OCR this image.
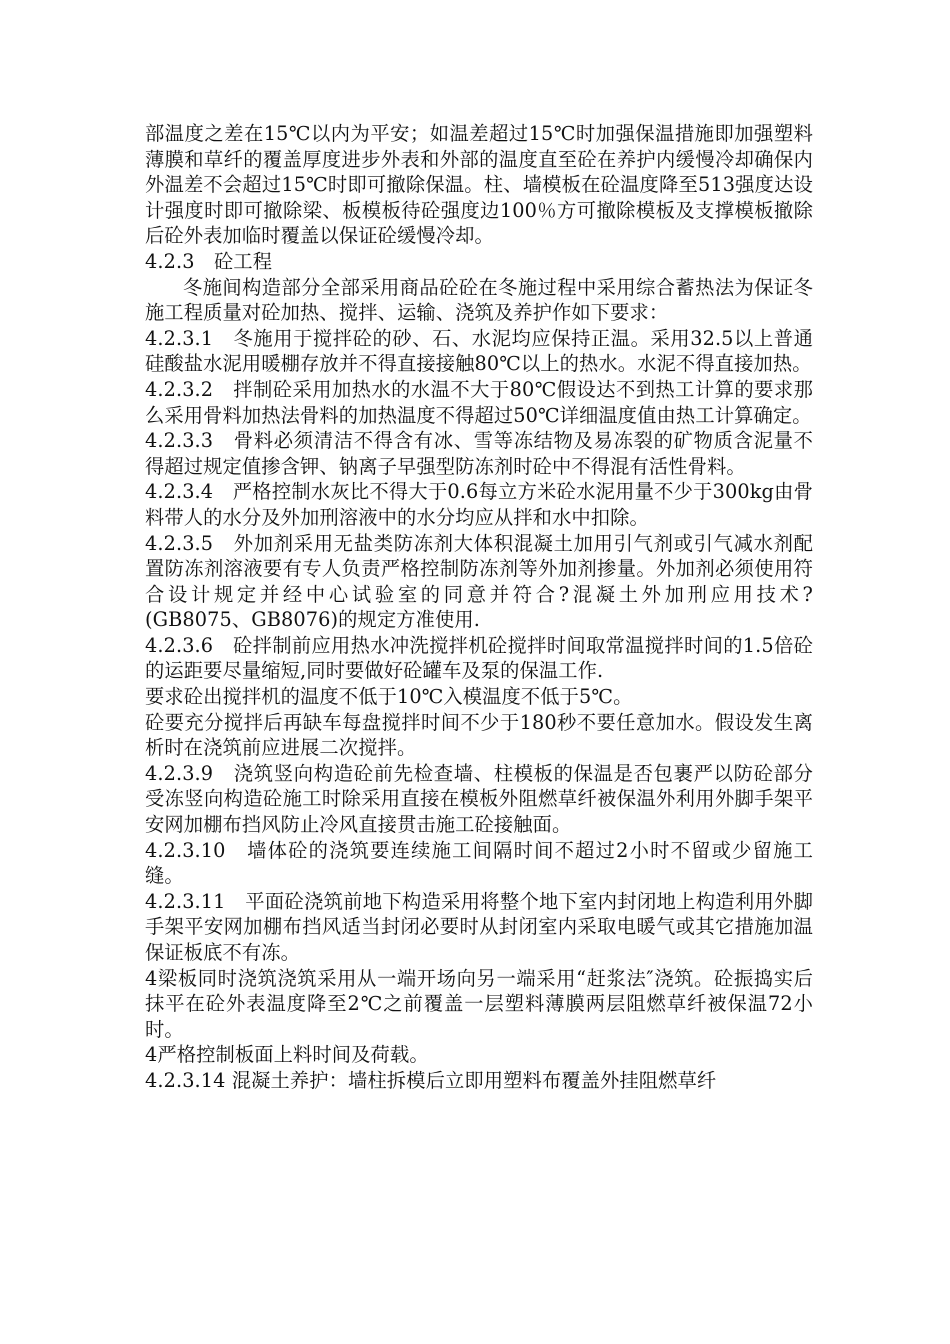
部温度之差在15℃以内为平安；如温差超过15℃时加强保温措施即加强塑料薄膜和草纤的覆盖厚度进步外表和外部的温度直至砼在养护内缓慢冷却确保内外温差不会超过15℃时即可撤除保温。柱、墙模板在砼温度降至513强度达设计强度时即可撤除梁、板模板待砼强度边100％方可撤除模板及支撑模板撤除后砼外表加临时覆盖以保证砼缓慢冷却。

4.2.3　砼工程

冬施间构造部分全部采用商品砼砼在冬施过程中采用综合蓄热法为保证冬施工程质量对砼加热、搅拌、运输、浇筑及养护作如下要求：

4.2.3.1　冬施用于搅拌砼的砂、石、水泥均应保持正温。采用32.5以上普通硅酸盐水泥用暖棚存放并不得直接接触80℃以上的热水。水泥不得直接加热。

4.2.3.2　拌制砼采用加热水的水温不大于80℃假设达不到热工计算的要求那么采用骨料加热法骨料的加热温度不得超过50℃详细温度值由热工计算确定。

4.2.3.3　骨料必须清洁不得含有冰、雪等冻结物及易冻裂的矿物质含泥量不得超过规定值掺含钾、钠离子早强型防冻剂时砼中不得混有活性骨料。

4.2.3.4　严格控制水灰比不得大于0.6每立方米砼水泥用量不少于300kg由骨料带人的水分及外加刑溶液中的水分均应从拌和水中扣除。

4.2.3.5　外加剂采用无盐类防冻剂大体积混凝土加用引气剂或引气减水剂配置防冻剂溶液要有专人负责严格控制防冻剂等外加剂掺量。外加剂必须使用符合设计规定并经中心试验室的同意并符合?混凝土外加刑应用技术?(GB8075、GB8076)的规定方准使用.

4.2.3.6　砼拌制前应用热水冲洗搅拌机砼搅拌时间取常温搅拌时间的1.5倍砼的运距要尽量缩短,同时要做好砼罐车及泵的保温工作.

要求砼出搅拌机的温度不低于10℃入模温度不低于5℃。

砼要充分搅拌后再缺车每盘搅拌时间不少于180秒不要任意加水。假设发生离析时在浇筑前应进展二次搅拌。

4.2.3.9　浇筑竖向构造砼前先检查墙、柱模板的保温是否包裹严以防砼部分受冻竖向构造砼施工时除采用直接在模板外阻燃草纤被保温外利用外脚手架平安网加棚布挡风防止冷风直接贯击施工砼接触面。

4.2.3.10　墙体砼的浇筑要连续施工间隔时间不超过2小时不留或少留施工缝。

4.2.3.11　平面砼浇筑前地下构造采用将整个地下室内封闭地上构造利用外脚手架平安网加棚布挡风适当封闭必要时从封闭室内采取电暖气或其它措施加温保证板底不有冻。

4梁板同时浇筑浇筑采用从一端开场向另一端采用“赶浆法″浇筑。砼振捣实后抹平在砼外表温度降至2℃之前覆盖一层塑料薄膜两层阻燃草纤被保温72小时。

4严格控制板面上料时间及荷载。

4.2.3.14 混凝土养护：墙柱拆模后立即用塑料布覆盖外挂阻燃草纤
